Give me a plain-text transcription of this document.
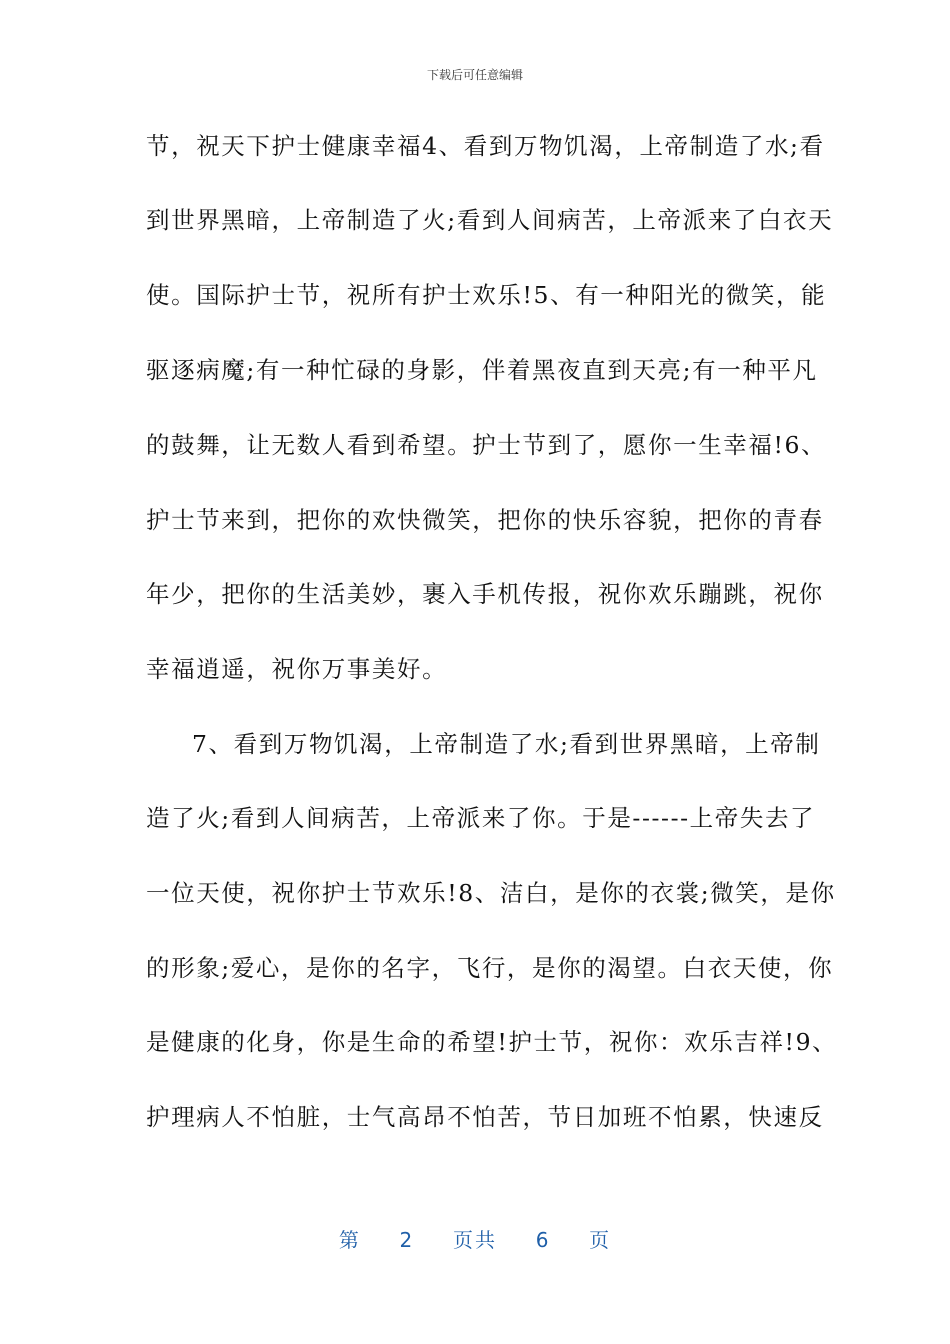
下载后可任意编辑
节，祝天下护士健康幸福4、看到万物饥渴，上帝制造了水;看
到世界黑暗，上帝制造了火;看到人间病苦，上帝派来了白衣天
使。国际护士节，祝所有护士欢乐!5、有一种阳光的微笑，能
驱逐病魔;有一种忙碌的身影，伴着黑夜直到天亮;有一种平凡
的鼓舞，让无数人看到希望。护士节到了，愿你一生幸福!6、
护士节来到，把你的欢快微笑，把你的快乐容貌，把你的青春
年少，把你的生活美妙，裹入手机传报，祝你欢乐蹦跳，祝你
幸福逍遥，祝你万事美好。
7、看到万物饥渴，上帝制造了水;看到世界黑暗，上帝制
造了火;看到人间病苦，上帝派来了你。于是------上帝失去了
一位天使，祝你护士节欢乐!8、洁白，是你的衣裳;微笑，是你
的形象;爱心，是你的名字，飞行，是你的渴望。白衣天使，你
是健康的化身，你是生命的希望!护士节，祝你：欢乐吉祥!9、
护理病人不怕脏，士气高昂不怕苦，节日加班不怕累，快速反
第 2 页共 6 页
